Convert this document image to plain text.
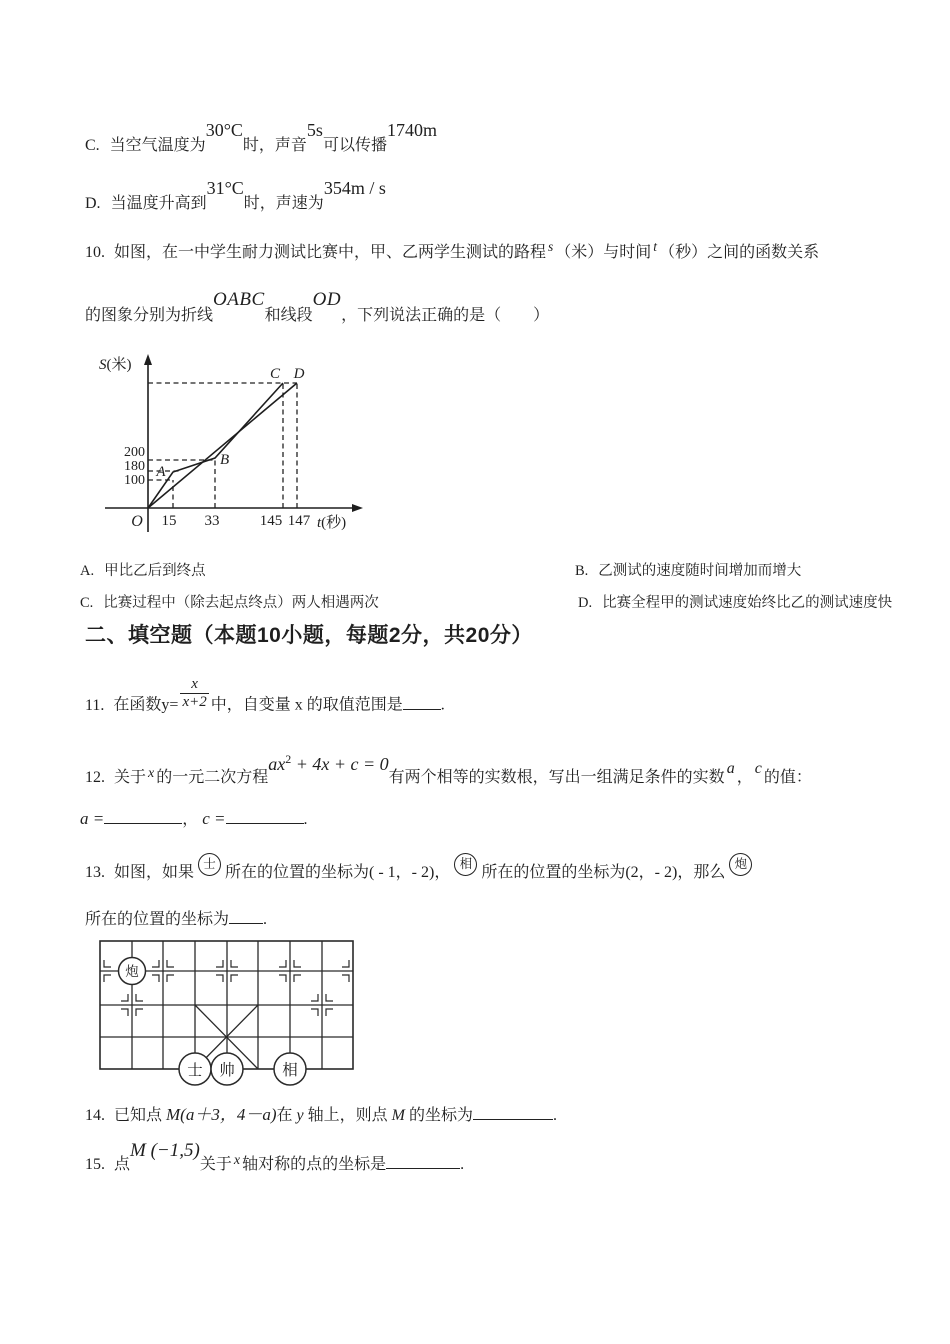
C. 当空气温度为30°C时，声音5s可以传播1740m
D. 当温度升高到31°C时，声速为354m / s
10. 如图，在一中学生耐力测试比赛中，甲、乙两学生测试的路程 $^s$ （米）与时间 $^t$ （秒）之间的函数关系
的图象分别为折线OABC和线段OD，下列说法正确的是（　　）
S(米)
t(秒)
O 15 33	145 147
200
180
100
A
B
C D
A. 甲比乙后到终点	B. 乙测试的速度随时间增加而增大
C. 比赛过程中（除去起点终点）两人相遇两次	D. 比赛全程甲的测试速度始终比乙的测试速度快
二、填空题（本题10小题，每题2分，共20分）
11. 在函数$y= \frac{x}{x+2}$ 中，自变量 x 的取值范围是 .
12. 关于 x 的一元二次方程$ax^2 + 4x + c = 0$有两个相等的实数根，写出一组满足条件的实数a，c的值：
a =	， c =	.
13. 如图，如果 士 所在的位置的坐标为( - 1，- 2)， 相 所在的位置的坐标为(2，- 2)，那么 炮
所在的位置的坐标为 .
炮
士 帅	相
14. 已知点 M(a＋3，4－a)在 y 轴上，则点 M 的坐标为	.
15. 点M (−1,5)关于 x 轴对称的点的坐标是	.
